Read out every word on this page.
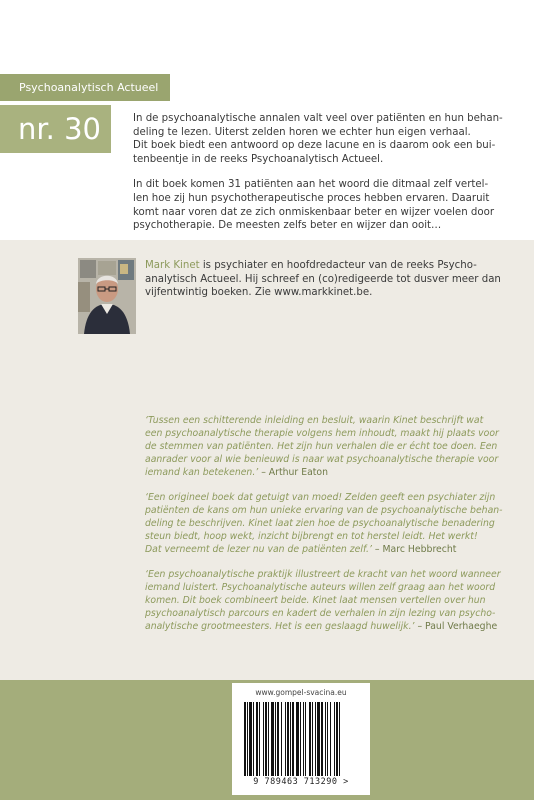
Psychoanalytisch Actueel
nr. 30	In de psychoanalytische annalen valt veel over patiënten en hun behan-
deling te lezen. Uiterst zelden horen we echter hun eigen verhaal.
Dit boek biedt een antwoord op deze lacune en is daarom ook een bui-
tenbeentje in de reeks Psychoanalytisch Actueel.

In dit boek komen 31 patiënten aan het woord die ditmaal zelf vertel-
len hoe zij hun psychotherapeutische proces hebben ervaren. Daaruit
komt naar voren dat ze zich onmiskenbaar beter en wijzer voelen door
psychotherapie. De meesten zelfs beter en wijzer dan ooit…

Mark Kinet is psychiater en hoofdredacteur van de reeks Psycho-
analytisch Actueel. Hij schreef en (co)redigeerde tot dusver meer dan
vijfentwintig boeken. Zie www.markkinet.be.

‘Tussen een schitterende inleiding en besluit, waarin Kinet beschrijft wat
een psychoanalytische therapie volgens hem inhoudt, maakt hij plaats voor
de stemmen van patiënten. Het zijn hun verhalen die er écht toe doen. Een
aanrader voor al wie benieuwd is naar wat psychoanalytische therapie voor
iemand kan betekenen.’ – Arthur Eaton

‘Een origineel boek dat getuigt van moed! Zelden geeft een psychiater zijn
patiënten de kans om hun unieke ervaring van de psychoanalytische behan-
deling te beschrijven. Kinet laat zien hoe de psychoanalytische benadering
steun biedt, hoop wekt, inzicht bijbrengt en tot herstel leidt. Het werkt!
Dat verneemt de lezer nu van de patiënten zelf.’ – Marc Hebbrecht

‘Een psychoanalytische praktijk illustreert de kracht van het woord wanneer
iemand luistert. Psychoanalytische auteurs willen zelf graag aan het woord
komen. Dit boek combineert beide. Kinet laat mensen vertellen over hun
psychoanalytisch parcours en kadert de verhalen in zijn lezing van psycho-
analytische grootmeesters. Het is een geslaagd huwelijk.’ – Paul Verhaeghe

www.gompel-svacina.eu
9 789463 713290 >
